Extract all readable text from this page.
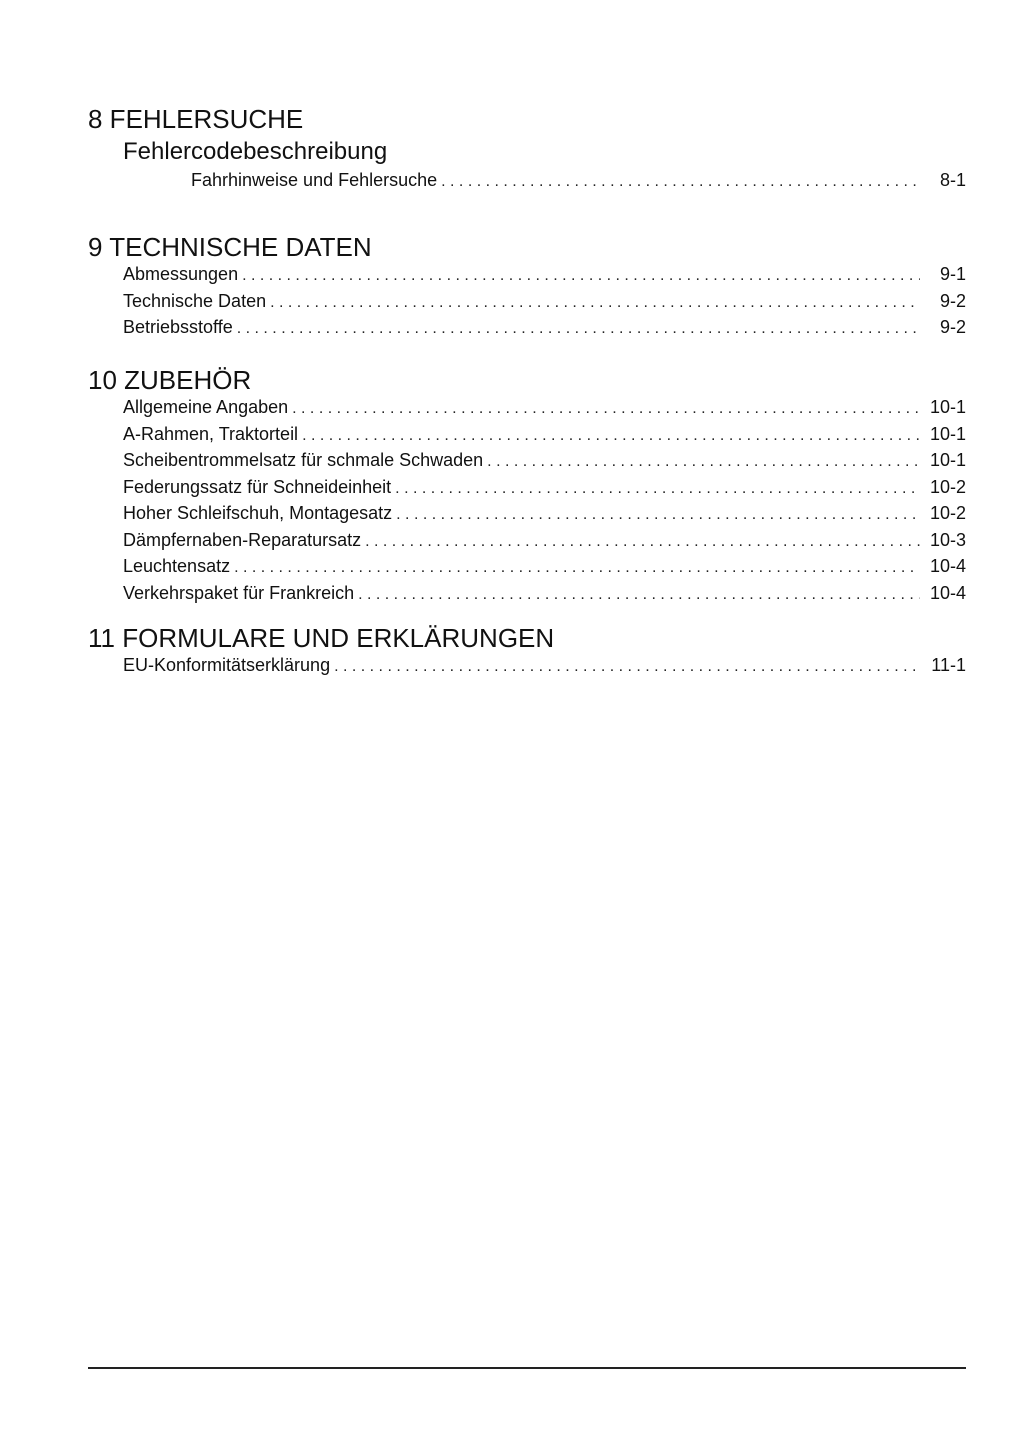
8 FEHLERSUCHE
Fehlercodebeschreibung
Fahrhinweise und Fehlersuche . . .	8-1
9 TECHNISCHE DATEN
Abmessungen . . .	9-1
Technische Daten . . .	9-2
Betriebsstoffe . . .	9-2
10 ZUBEHÖR
Allgemeine Angaben . . .	10-1
A-Rahmen, Traktorteil . . .	10-1
Scheibentrommelsatz für schmale Schwaden . . .	10-1
Federungssatz für Schneideinheit . . .	10-2
Hoher Schleifschuh, Montagesatz . . .	10-2
Dämpfernaben-Reparatursatz . . .	10-3
Leuchtensatz . . .	10-4
Verkehrspaket für Frankreich . . .	10-4
11 FORMULARE UND ERKLÄRUNGEN
EU-Konformitätserklärung . . .	11-1
